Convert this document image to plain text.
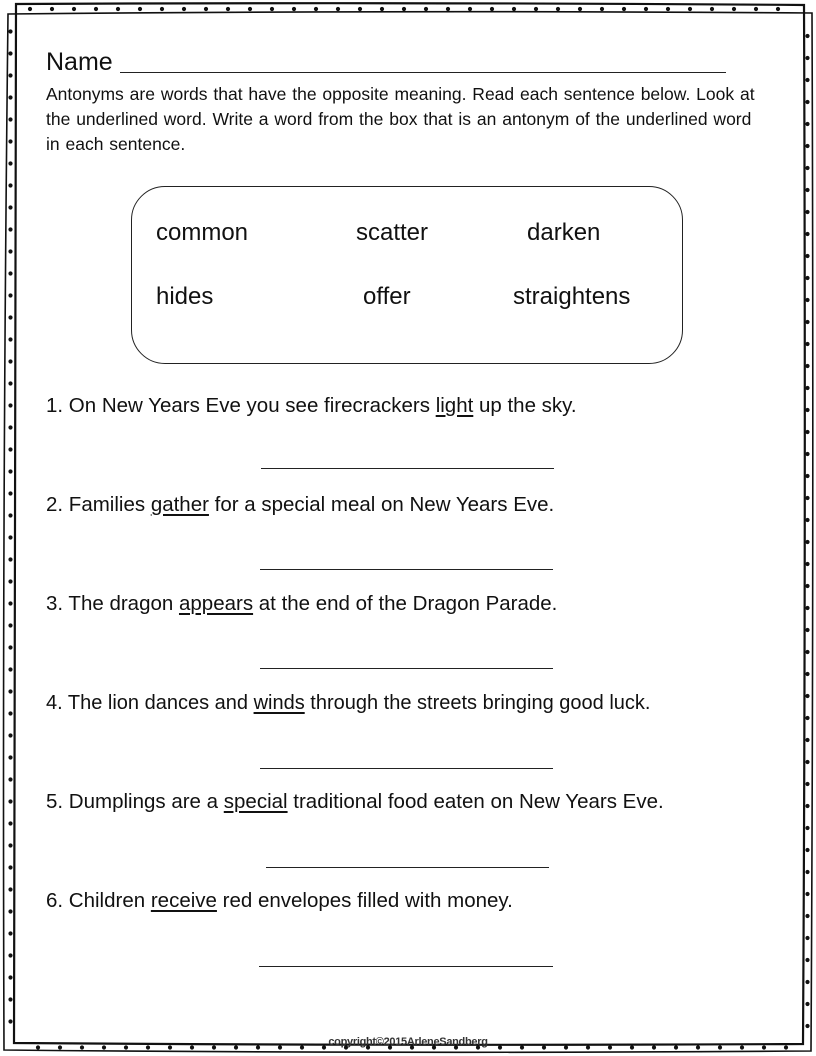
Name
Antonyms are words that have the opposite meaning. Read each sentence below. Look at the underlined word. Write a word from the box that is an antonym of the underlined word in each sentence.
common	scatter	darken
hides	offer	straightens
1. On New Years Eve you see firecrackers light up the sky.
2. Families gather for a special meal on New Years Eve.
3. The dragon appears at the end of the Dragon Parade.
4. The lion dances and winds through the streets bringing good luck.
5. Dumplings are a special traditional food eaten on New Years Eve.
6. Children receive red envelopes filled with money.
copyright©2015ArleneSandberg
